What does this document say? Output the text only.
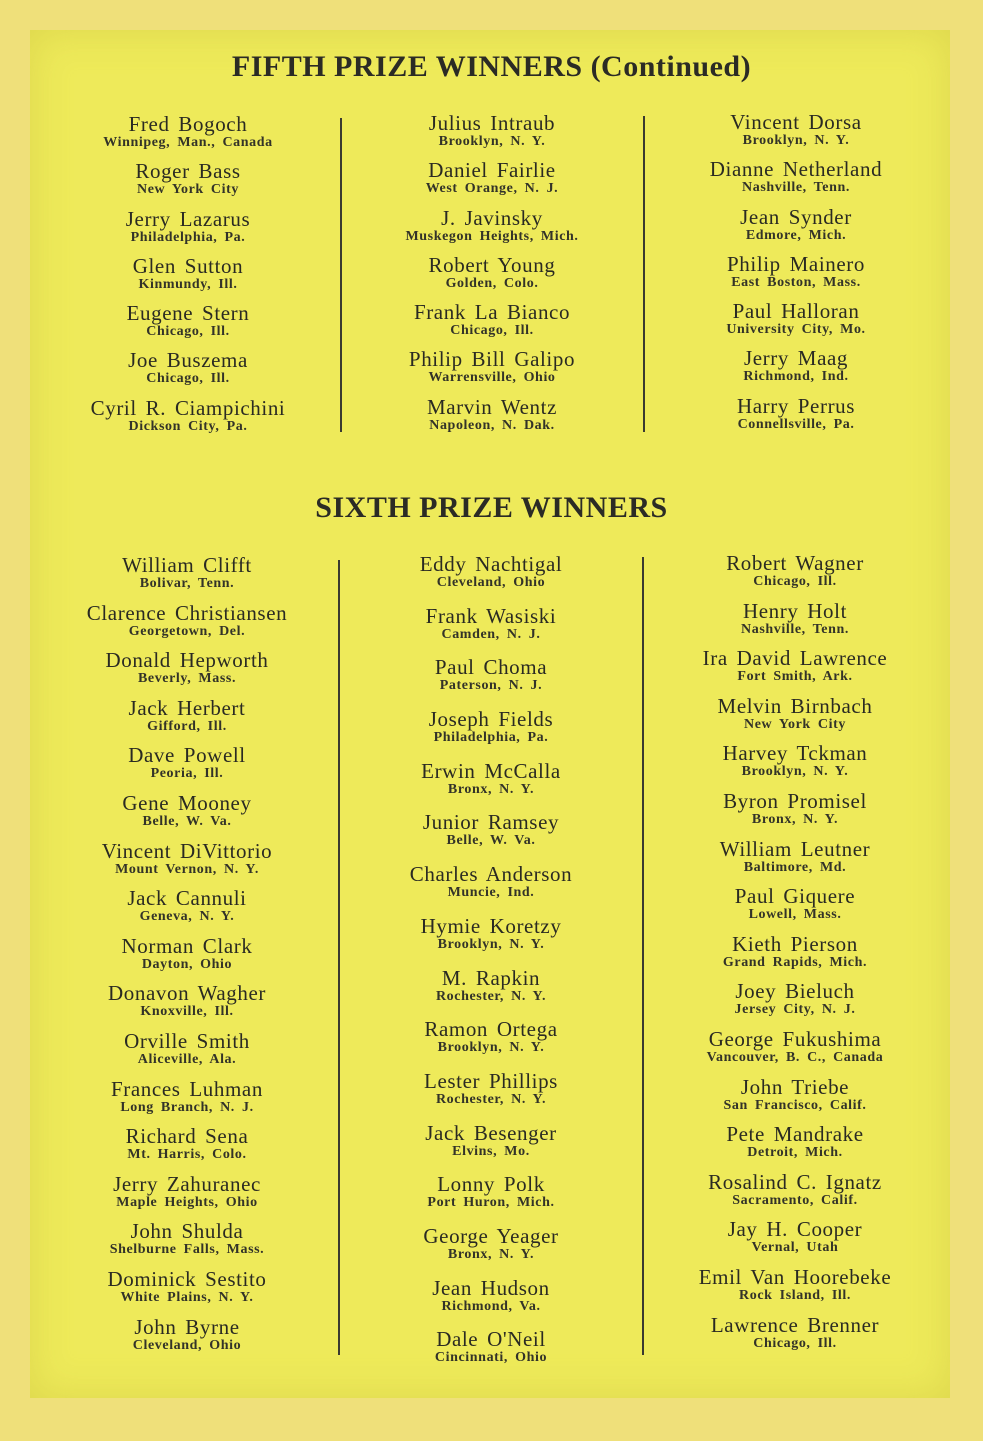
FIFTH PRIZE WINNERS (Continued)
Fred Bogoch
Winnipeg, Man., Canada
Roger Bass
New York City
Jerry Lazarus
Philadelphia, Pa.
Glen Sutton
Kinmundy, Ill.
Eugene Stern
Chicago, Ill.
Joe Buszema
Chicago, Ill.
Cyril R. Ciampichini
Dickson City, Pa.
Julius Intraub
Brooklyn, N. Y.
Daniel Fairlie
West Orange, N. J.
J. Javinsky
Muskegon Heights, Mich.
Robert Young
Golden, Colo.
Frank La Bianco
Chicago, Ill.
Philip Bill Galipo
Warrensville, Ohio
Marvin Wentz
Napoleon, N. Dak.
Vincent Dorsa
Brooklyn, N. Y.
Dianne Netherland
Nashville, Tenn.
Jean Synder
Edmore, Mich.
Philip Mainero
East Boston, Mass.
Paul Halloran
University City, Mo.
Jerry Maag
Richmond, Ind.
Harry Perrus
Connellsville, Pa.
SIXTH PRIZE WINNERS
William Clifft
Bolivar, Tenn.
Clarence Christiansen
Georgetown, Del.
Donald Hepworth
Beverly, Mass.
Jack Herbert
Gifford, Ill.
Dave Powell
Peoria, Ill.
Gene Mooney
Belle, W. Va.
Vincent DiVittorio
Mount Vernon, N. Y.
Jack Cannuli
Geneva, N. Y.
Norman Clark
Dayton, Ohio
Donavon Wagher
Knoxville, Ill.
Orville Smith
Aliceville, Ala.
Frances Luhman
Long Branch, N. J.
Richard Sena
Mt. Harris, Colo.
Jerry Zahuranec
Maple Heights, Ohio
John Shulda
Shelburne Falls, Mass.
Dominick Sestito
White Plains, N. Y.
John Byrne
Cleveland, Ohio
Eddy Nachtigal
Cleveland, Ohio
Frank Wasiski
Camden, N. J.
Paul Choma
Paterson, N. J.
Joseph Fields
Philadelphia, Pa.
Erwin McCalla
Bronx, N. Y.
Junior Ramsey
Belle, W. Va.
Charles Anderson
Muncie, Ind.
Hymie Koretzy
Brooklyn, N. Y.
M. Rapkin
Rochester, N. Y.
Ramon Ortega
Brooklyn, N. Y.
Lester Phillips
Rochester, N. Y.
Jack Besenger
Elvins, Mo.
Lonny Polk
Port Huron, Mich.
George Yeager
Bronx, N. Y.
Jean Hudson
Richmond, Va.
Dale O'Neil
Cincinnati, Ohio
Robert Wagner
Chicago, Ill.
Henry Holt
Nashville, Tenn.
Ira David Lawrence
Fort Smith, Ark.
Melvin Birnbach
New York City
Harvey Tckman
Brooklyn, N. Y.
Byron Promisel
Bronx, N. Y.
William Leutner
Baltimore, Md.
Paul Giquere
Lowell, Mass.
Kieth Pierson
Grand Rapids, Mich.
Joey Bieluch
Jersey City, N. J.
George Fukushima
Vancouver, B. C., Canada
John Triebe
San Francisco, Calif.
Pete Mandrake
Detroit, Mich.
Rosalind C. Ignatz
Sacramento, Calif.
Jay H. Cooper
Vernal, Utah
Emil Van Hoorebeke
Rock Island, Ill.
Lawrence Brenner
Chicago, Ill.
